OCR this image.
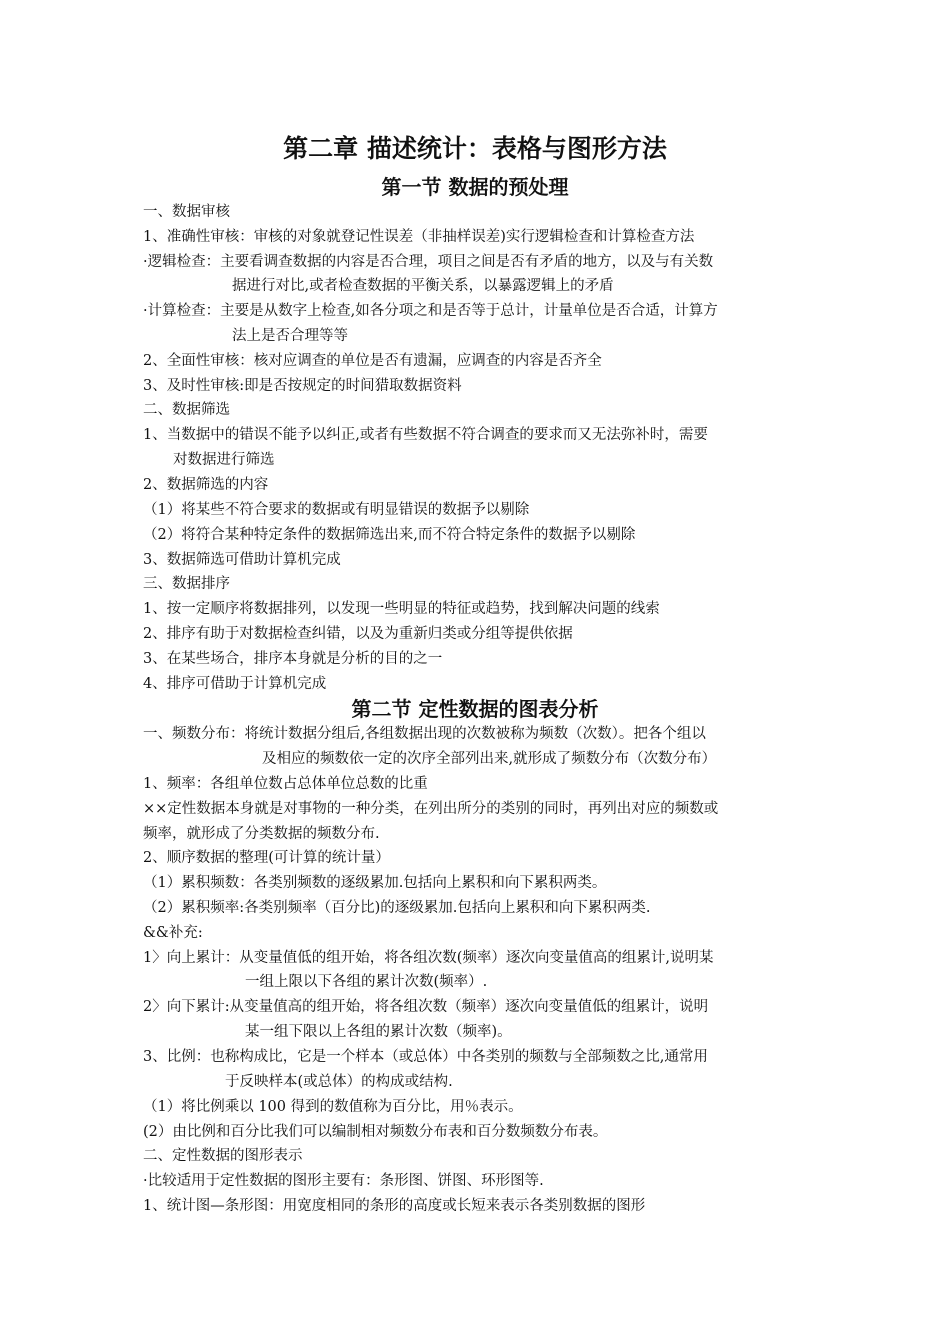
第二章 描述统计：表格与图形方法
第一节 数据的预处理
一、数据审核
1、准确性审核：审核的对象就登记性误差（非抽样误差)实行逻辑检查和计算检查方法
·逻辑检查：主要看调查数据的内容是否合理，项目之间是否有矛盾的地方，以及与有关数
据进行对比,或者检查数据的平衡关系，以暴露逻辑上的矛盾
·计算检查：主要是从数字上检查,如各分项之和是否等于总计，计量单位是否合适，计算方
法上是否合理等等
2、全面性审核：核对应调查的单位是否有遗漏，应调查的内容是否齐全
3、及时性审核:即是否按规定的时间猎取数据资料
二、数据筛选
1、当数据中的错误不能予以纠正,或者有些数据不符合调查的要求而又无法弥补时，需要
对数据进行筛选
2、数据筛选的内容
（1）将某些不符合要求的数据或有明显错误的数据予以剔除
（2）将符合某种特定条件的数据筛选出来,而不符合特定条件的数据予以剔除
3、数据筛选可借助计算机完成
三、数据排序
1、按一定顺序将数据排列，以发现一些明显的特征或趋势，找到解决问题的线索
2、排序有助于对数据检查纠错，以及为重新归类或分组等提供依据
3、在某些场合，排序本身就是分析的目的之一
4、排序可借助于计算机完成
第二节 定性数据的图表分析
一、频数分布：将统计数据分组后,各组数据出现的次数被称为频数（次数）。把各个组以
及相应的频数依一定的次序全部列出来,就形成了频数分布（次数分布）
1、频率：各组单位数占总体单位总数的比重
××定性数据本身就是对事物的一种分类，在列出所分的类别的同时，再列出对应的频数或
频率，就形成了分类数据的频数分布.
2、顺序数据的整理(可计算的统计量）
（1）累积频数：各类别频数的逐级累加.包括向上累积和向下累积两类。
（2）累积频率:各类别频率（百分比)的逐级累加.包括向上累积和向下累积两类.
&&补充:
1〉向上累计：从变量值低的组开始，将各组次数(频率）逐次向变量值高的组累计,说明某
一组上限以下各组的累计次数(频率）.
2〉向下累计:从变量值高的组开始，将各组次数（频率）逐次向变量值低的组累计，说明
某一组下限以上各组的累计次数（频率)。
3、比例：也称构成比，它是一个样本（或总体）中各类别的频数与全部频数之比,通常用
于反映样本(或总体）的构成或结构.
（1）将比例乘以 100 得到的数值称为百分比，用％表示。
(2）由比例和百分比我们可以编制相对频数分布表和百分数频数分布表。
二、定性数据的图形表示
·比较适用于定性数据的图形主要有：条形图、饼图、环形图等.
1、统计图—条形图：用宽度相同的条形的高度或长短来表示各类别数据的图形
